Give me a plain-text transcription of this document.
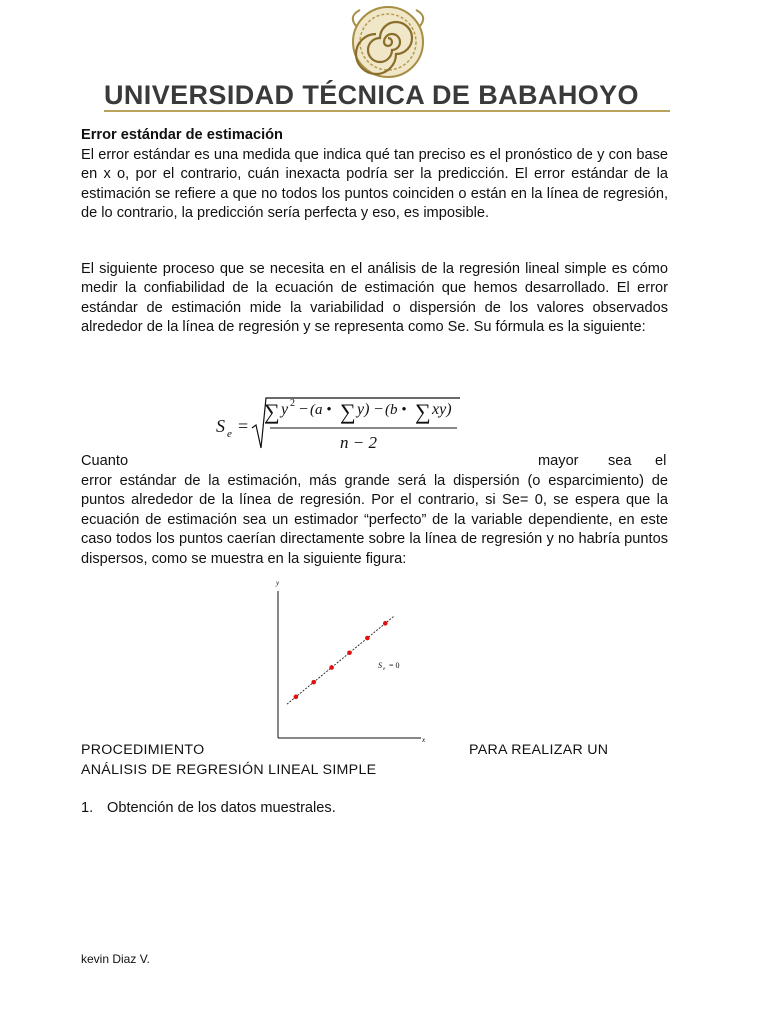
UNIVERSIDAD TÉCNICA DE BABAHOYO
Error estándar de estimación
El error estándar es una medida que indica qué tan preciso es el pronóstico de y con base en x o, por el contrario, cuán inexacta podría ser la predicción. El error estándar de la estimación se refiere a que no todos los puntos coinciden o están en la línea de regresión, de lo contrario, la predicción sería perfecta y eso, es imposible.
El siguiente proceso que se necesita en el análisis de la regresión lineal simple es cómo medir la confiabilidad de la ecuación de estimación que hemos desarrollado. El error estándar de estimación mide la variabilidad o dispersión de los valores observados alrededor de la línea de regresión y se representa como Se. Su fórmula es la siguiente:
S e =
∑ y 2 − (a • ∑ y) − (b • ∑ xy)
n − 2
Cuanto	mayor sea el
error estándar de la estimación, más grande será la dispersión (o esparcimiento) de puntos alrededor de la línea de regresión. Por el contrario, si Se= 0, se espera que la ecuación de estimación sea un estimador “perfecto” de la variable dependiente, en este caso todos los puntos caerían directamente sobre la línea de regresión y no habría puntos dispersos, como se muestra en la siguiente figura:
y
x
S e = 0
PROCEDIMIENTO	PARA REALIZAR UN
ANÁLISIS DE REGRESIÓN LINEAL SIMPLE
1. Obtención de los datos muestrales.
kevin Diaz V.
